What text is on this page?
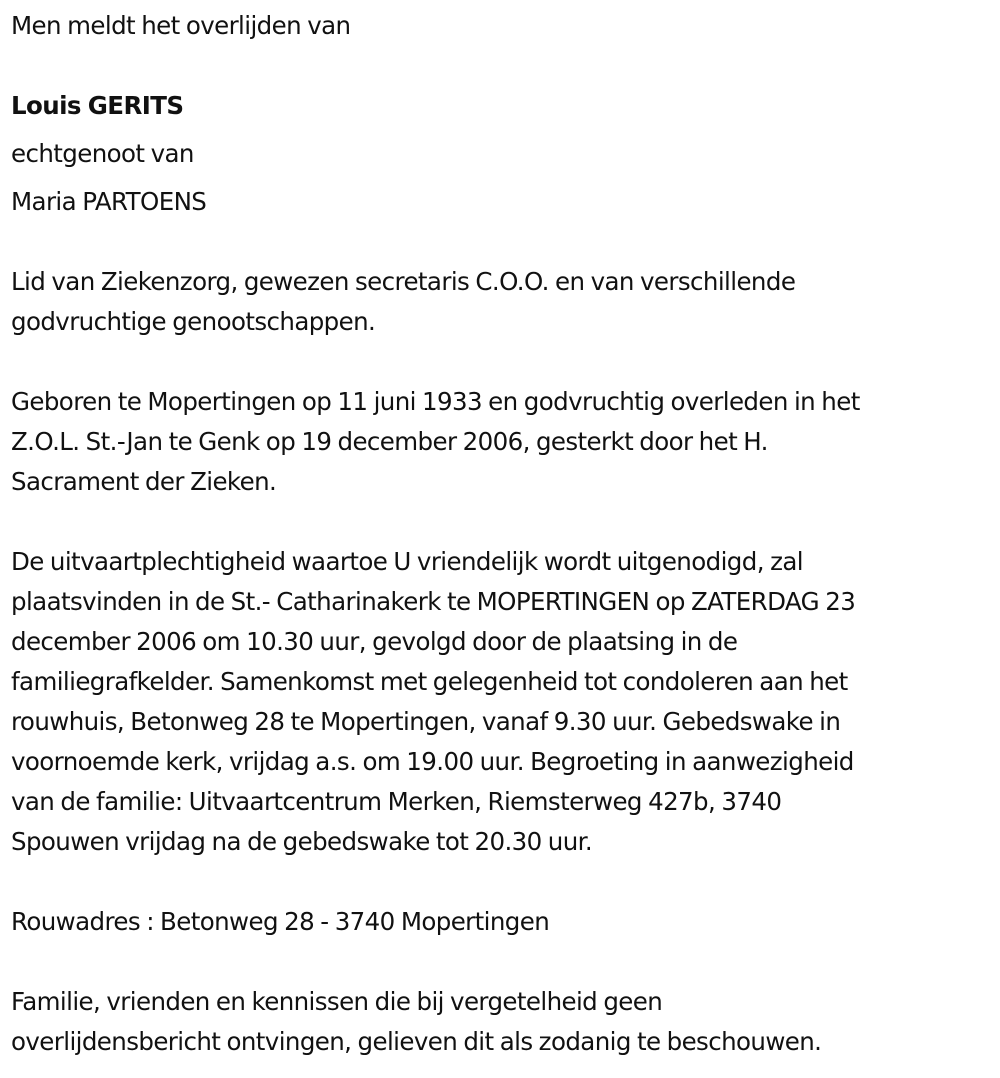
Men meldt het overlijden van
Louis GERITS
echtgenoot van
Maria PARTOENS
Lid van Ziekenzorg, gewezen secretaris C.O.O. en van verschillende
godvruchtige genootschappen.
Geboren te Mopertingen op 11 juni 1933 en godvruchtig overleden in het
Z.O.L. St.-Jan te Genk op 19 december 2006, gesterkt door het H.
Sacrament der Zieken.
De uitvaartplechtigheid waartoe U vriendelijk wordt uitgenodigd, zal
plaatsvinden in de St.- Catharinakerk te MOPERTINGEN op ZATERDAG 23
december 2006 om 10.30 uur, gevolgd door de plaatsing in de
familiegrafkelder. Samenkomst met gelegenheid tot condoleren aan het
rouwhuis, Betonweg 28 te Mopertingen, vanaf 9.30 uur. Gebedswake in
voornoemde kerk, vrijdag a.s. om 19.00 uur. Begroeting in aanwezigheid
van de familie: Uitvaartcentrum Merken, Riemsterweg 427b, 3740
Spouwen vrijdag na de gebedswake tot 20.30 uur.
Rouwadres : Betonweg 28 - 3740 Mopertingen
Familie, vrienden en kennissen die bij vergetelheid geen
overlijdensbericht ontvingen, gelieven dit als zodanig te beschouwen.
